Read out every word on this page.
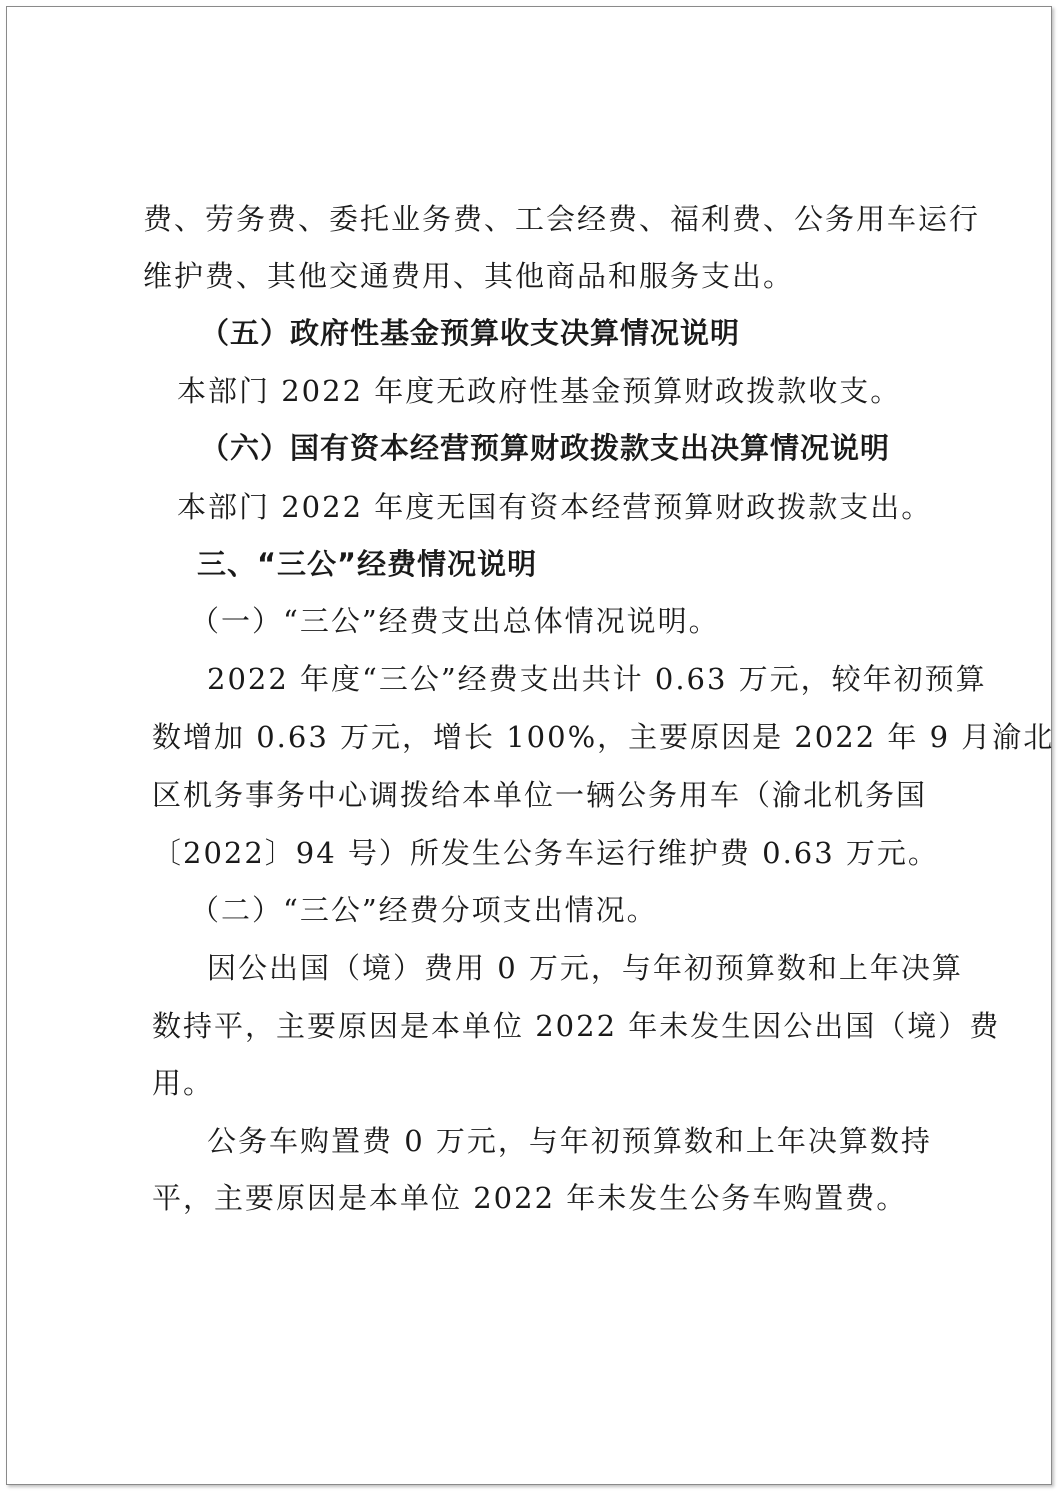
费、劳务费、委托业务费、工会经费、福利费、公务用车运行
维护费、其他交通费用、其他商品和服务支出。
（五）政府性基金预算收支决算情况说明
本部门 2022 年度无政府性基金预算财政拨款收支。
（六）国有资本经营预算财政拨款支出决算情况说明
本部门 2022 年度无国有资本经营预算财政拨款支出。
三、“三公”经费情况说明
（一）“三公”经费支出总体情况说明。
2022 年度“三公”经费支出共计 0.63 万元，较年初预算
数增加 0.63 万元，增长 100%，主要原因是 2022 年 9 月渝北
区机务事务中心调拨给本单位一辆公务用车（渝北机务国
〔2022〕94 号）所发生公务车运行维护费 0.63 万元。
（二）“三公”经费分项支出情况。
因公出国（境）费用 0 万元，与年初预算数和上年决算
数持平，主要原因是本单位 2022 年未发生因公出国（境）费
用。
公务车购置费 0 万元，与年初预算数和上年决算数持
平，主要原因是本单位 2022 年未发生公务车购置费。
